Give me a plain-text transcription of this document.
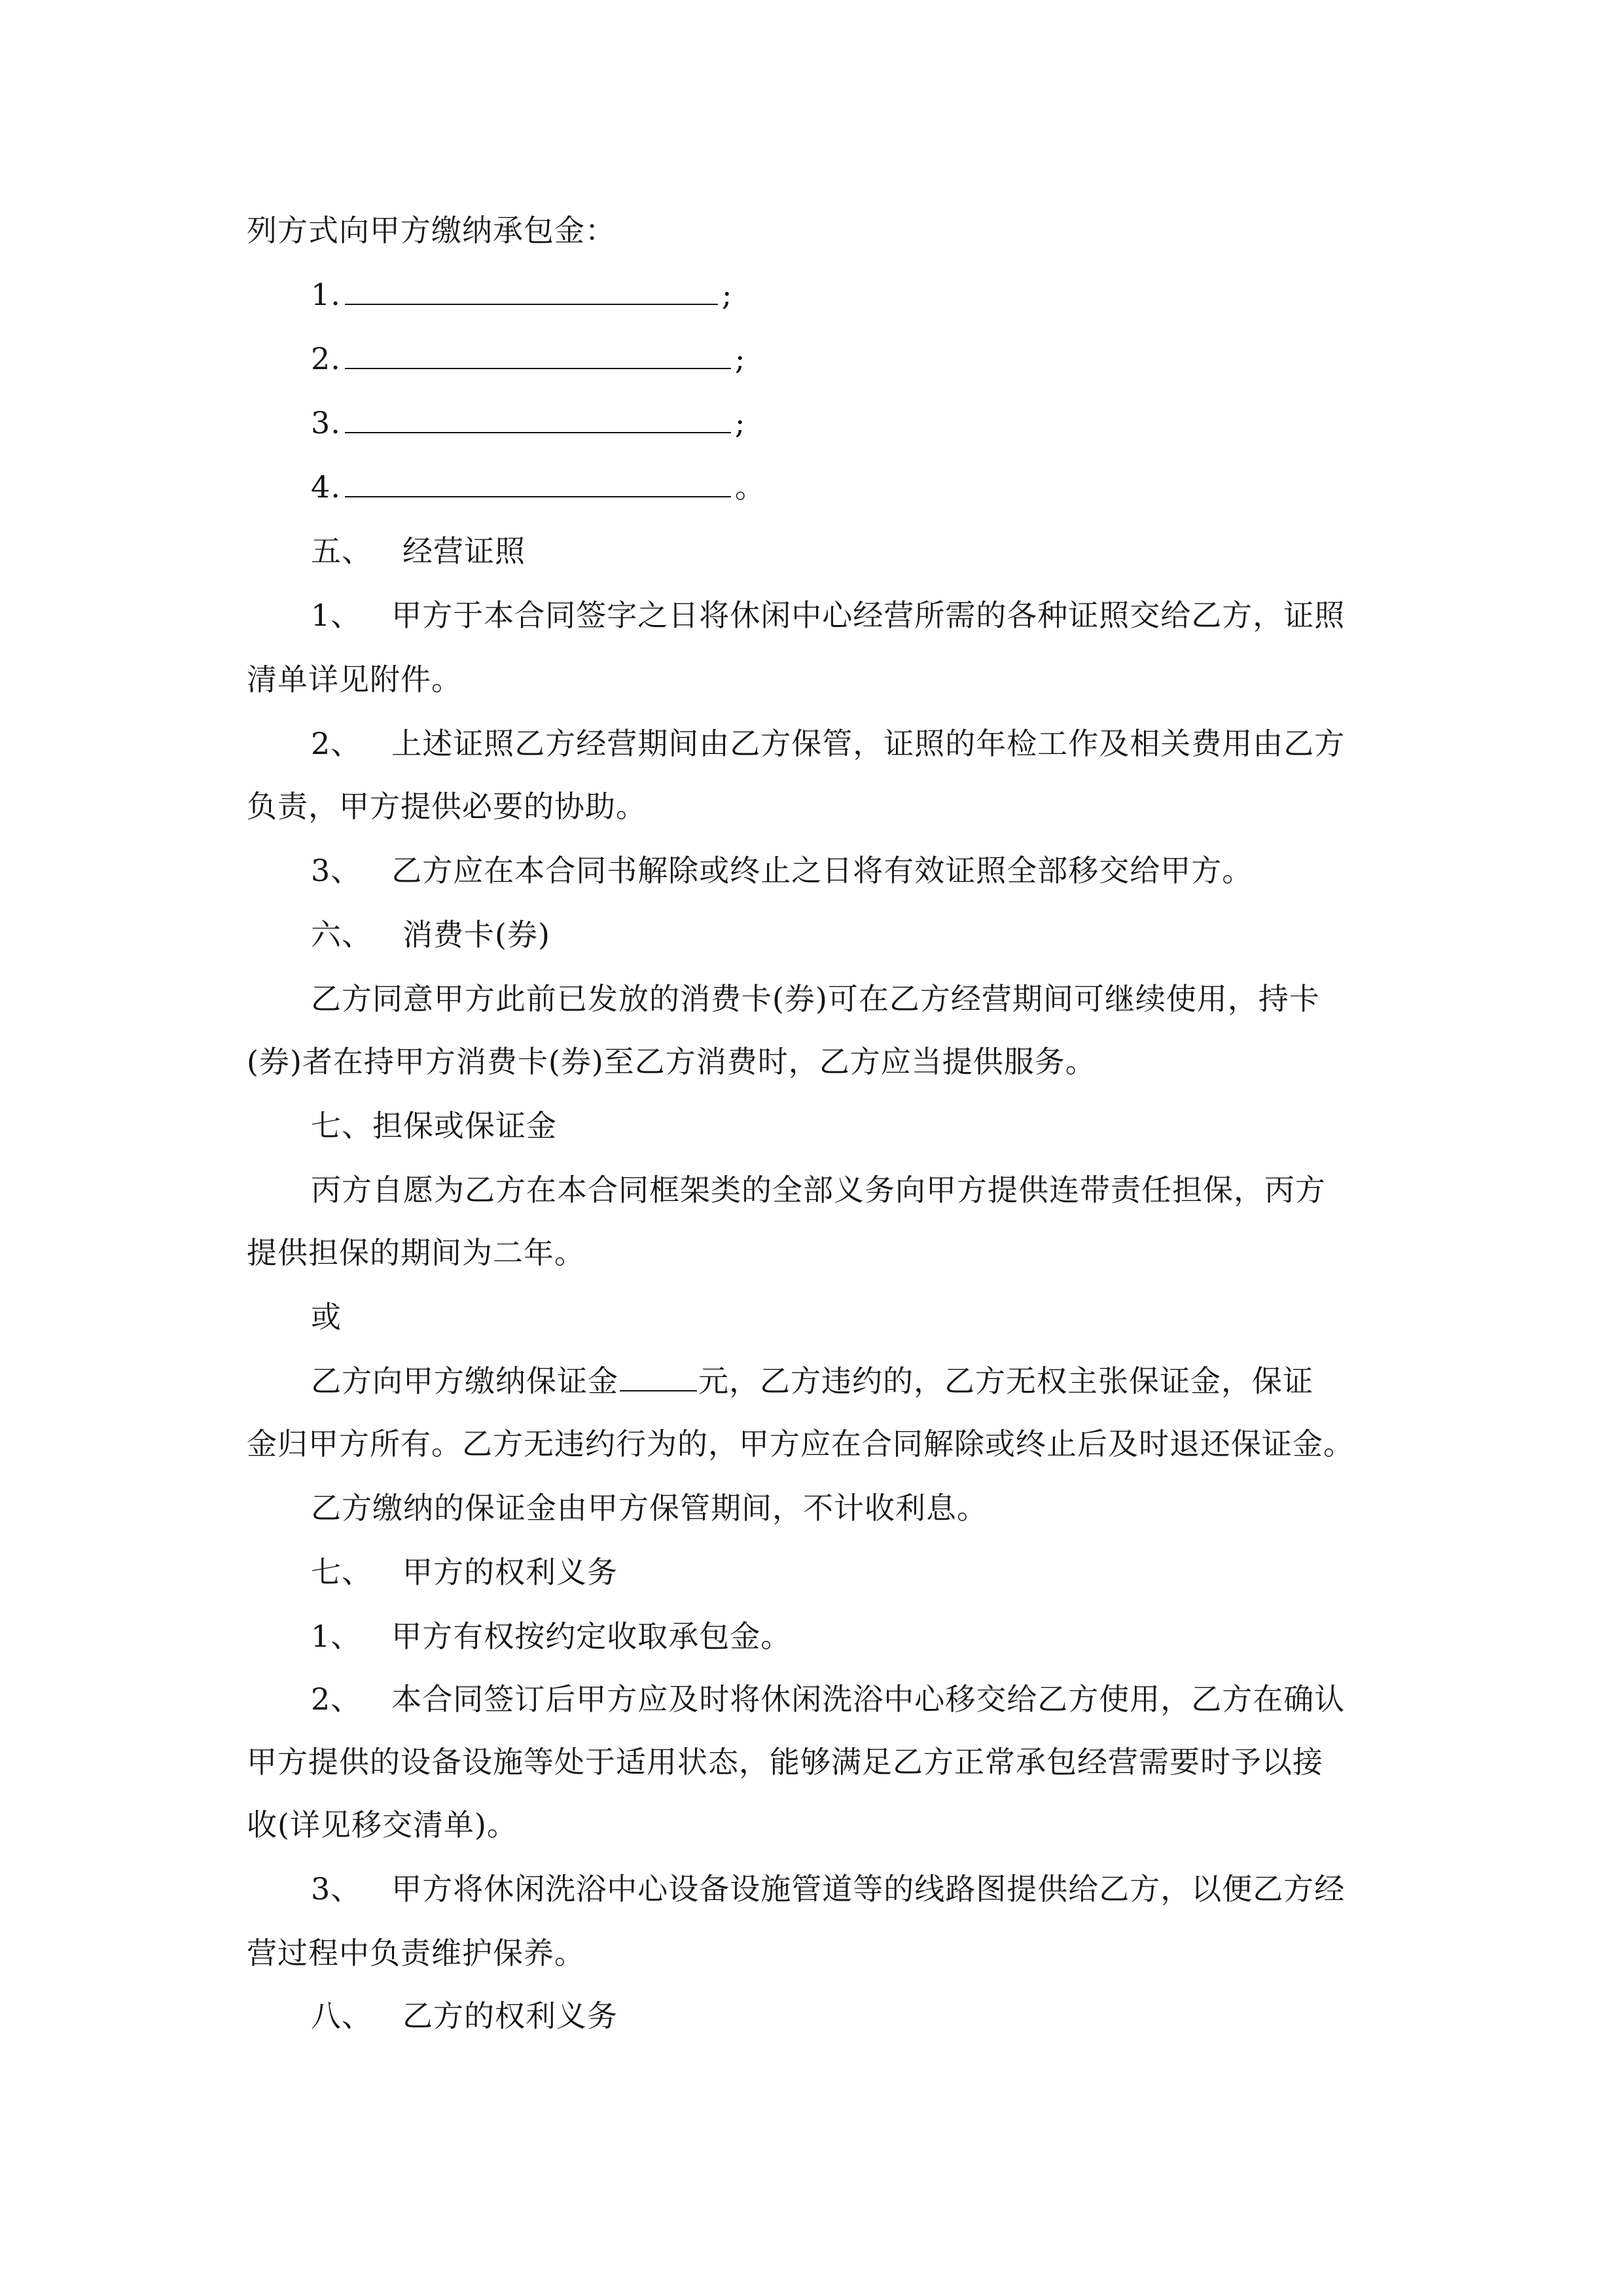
列方式向甲方缴纳承包金：
1.	;
2.	;
3.	;
4.	。
五、 经营证照
1、 甲方于本合同签字之日将休闲中心经营所需的各种证照交给乙方，证照
清单详见附件。
2、 上述证照乙方经营期间由乙方保管，证照的年检工作及相关费用由乙方
负责，甲方提供必要的协助。
3、 乙方应在本合同书解除或终止之日将有效证照全部移交给甲方。
六、 消费卡(券)
乙方同意甲方此前已发放的消费卡(券)可在乙方经营期间可继续使用，持卡
(券)者在持甲方消费卡(券)至乙方消费时，乙方应当提供服务。
七、担保或保证金
丙方自愿为乙方在本合同框架类的全部义务向甲方提供连带责任担保，丙方
提供担保的期间为二年。
或
乙方向甲方缴纳保证金	元，乙方违约的，乙方无权主张保证金，保证
金归甲方所有。乙方无违约行为的，甲方应在合同解除或终止后及时退还保证金。
乙方缴纳的保证金由甲方保管期间，不计收利息。
七、 甲方的权利义务
1、 甲方有权按约定收取承包金。
2、 本合同签订后甲方应及时将休闲洗浴中心移交给乙方使用，乙方在确认
甲方提供的设备设施等处于适用状态，能够满足乙方正常承包经营需要时予以接
收(详见移交清单)。
3、 甲方将休闲洗浴中心设备设施管道等的线路图提供给乙方，以便乙方经
营过程中负责维护保养。
八、 乙方的权利义务
